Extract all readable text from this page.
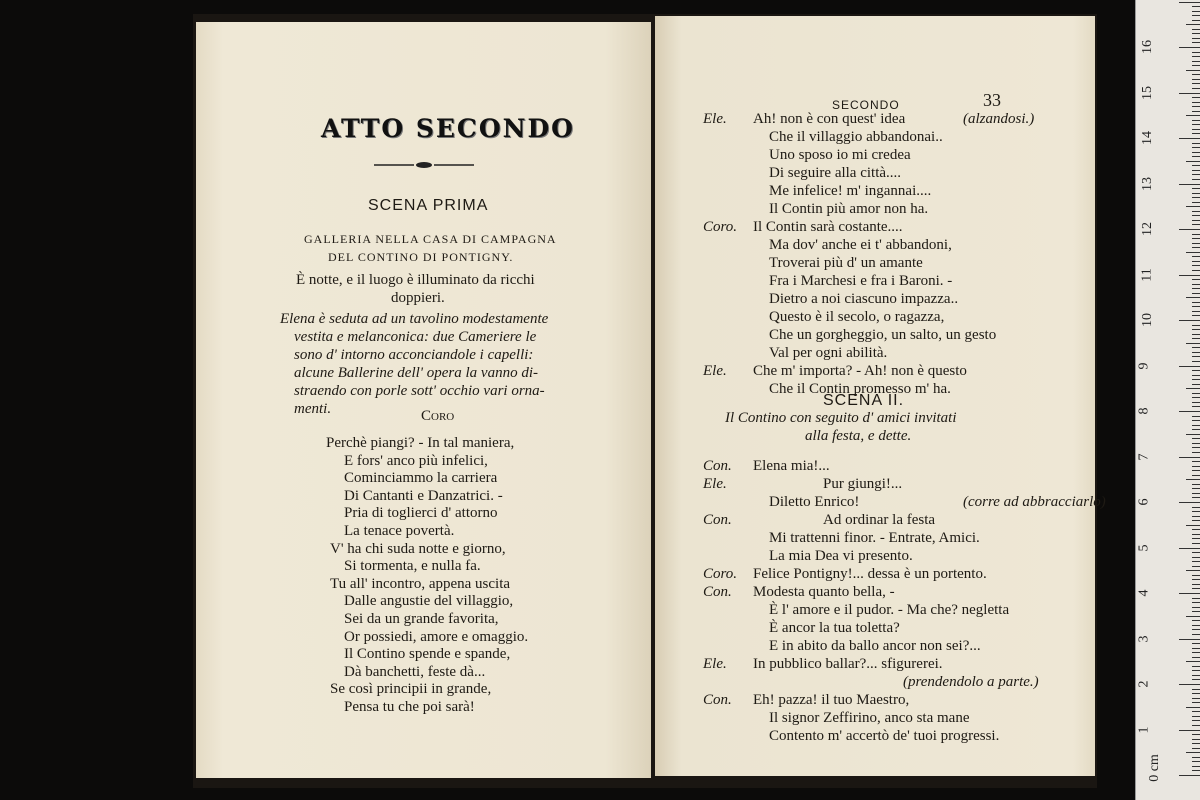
ATTO SECONDO
SCENA PRIMA
GALLERIA NELLA CASA DI CAMPAGNA
DEL CONTINO DI PONTIGNY.
È notte, e il luogo è illuminato da ricchi
doppieri.
Elena è seduta ad un tavolino modestamente
vestita e melanconica: due Cameriere le
sono d' intorno acconciandole i capelli:
alcune Ballerine dell' opera la vanno di-
straendo con porle sott' occhio vari orna-
menti.	Coro
Perchè piangi? - In tal maniera,
E fors' anco più infelici,
Cominciammo la carriera
Di Cantanti e Danzatrici. -
Pria di toglierci d' attorno
La tenace povertà.
V' ha chi suda notte e giorno,
Si tormenta, e nulla fa.
Tu all' incontro, appena uscita
Dalle angustie del villaggio,
Sei da un grande favorita,
Or possiedi, amore e omaggio.
Il Contino spende e spande,
Dà banchetti, feste dà...
Se così principii in grande,
Pensa tu che poi sarà!
SECONDO	33
Ele. Ah! non è con quest' idea	(alzandosi.)
Che il villaggio abbandonai..
Uno sposo io mi credea
Di seguire alla città....
Me infelice! m' ingannai....
Il Contin più amor non ha.
Coro. Il Contin sarà costante....
Ma dov' anche ei t' abbandoni,
Troverai più d' un amante
Fra i Marchesi e fra i Baroni. -
Dietro a noi ciascuno impazza..
Questo è il secolo, o ragazza,
Che un gorgheggio, un salto, un gesto
Val per ogni abilità.
Ele. Che m' importa? - Ah! non è questo
Che il Contin promesso m' ha.
SCENA II.
Il Contino con seguito d' amici invitati
alla festa, e dette.
Con. Elena mia!...
Ele.	Pur giungi!...
Diletto Enrico!	(corre ad abbracciarlo)
Con.	Ad ordinar la festa
Mi trattenni finor. - Entrate, Amici.
La mia Dea vi presento.
Coro. Felice Pontigny!... dessa è un portento.
Con. Modesta quanto bella, -
È l' amore e il pudor. - Ma che? negletta
È ancor la tua toletta?
E in abito da ballo ancor non sei?...
Ele. In pubblico ballar?... sfigurerei.
(prendendolo a parte.)
Con. Eh! pazza! il tuo Maestro,
Il signor Zeffirino, anco sta mane
Contento m' accertò de' tuoi progressi.
0 cm
1
2
3
4
5
6
7
8
9
10
11
12
13
14
15
16
